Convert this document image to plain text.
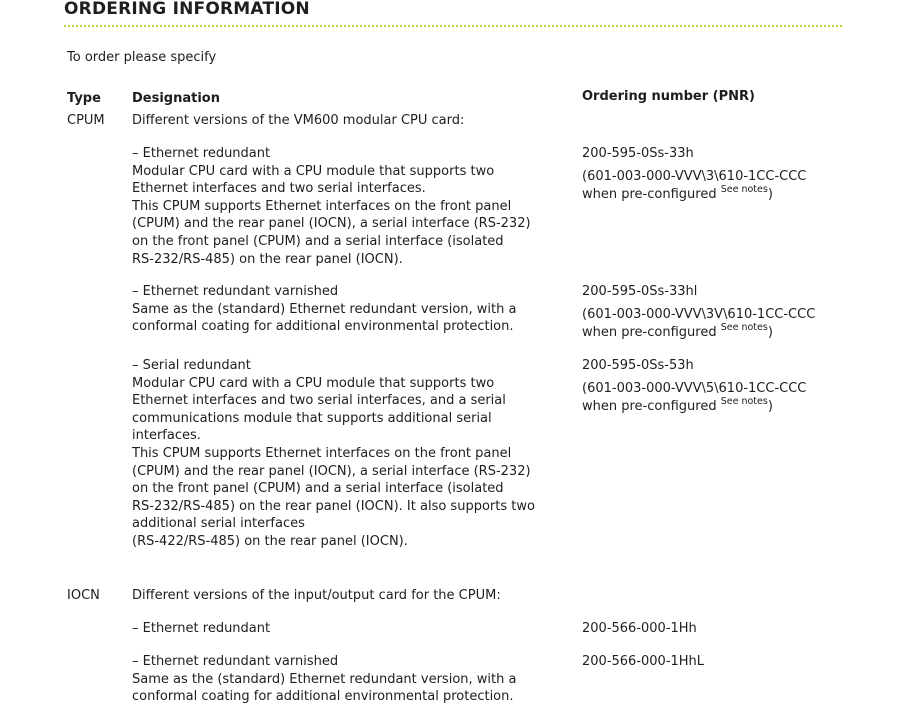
ORDERING INFORMATION
To order please specify
Type Designation	Ordering number (PNR)
CPUM Different versions of the VM600 modular CPU card:
– Ethernet redundant
Modular CPU card with a CPU module that supports two
Ethernet interfaces and two serial interfaces.
This CPUM supports Ethernet interfaces on the front panel
(CPUM) and the rear panel (IOCN), a serial interface (RS-232)
on the front panel (CPUM) and a serial interface (isolated
RS-232/RS-485) on the rear panel (IOCN).
200-595-0Ss-33h
(601-003-000-VVV\3\610-1CC-CCC
when pre-configured $^{See notes}$)
– Ethernet redundant varnished
Same as the (standard) Ethernet redundant version, with a
conformal coating for additional environmental protection.
200-595-0Ss-33hl
(601-003-000-VVV\3V\610-1CC-CCC
when pre-configured $^{See notes}$)
– Serial redundant
Modular CPU card with a CPU module that supports two
Ethernet interfaces and two serial interfaces, and a serial
communications module that supports additional serial
interfaces.
This CPUM supports Ethernet interfaces on the front panel
(CPUM) and the rear panel (IOCN), a serial interface (RS-232)
on the front panel (CPUM) and a serial interface (isolated
RS-232/RS-485) on the rear panel (IOCN). It also supports two
additional serial interfaces
(RS-422/RS-485) on the rear panel (IOCN).
200-595-0Ss-53h
(601-003-000-VVV\5\610-1CC-CCC
when pre-configured $^{See notes}$)
IOCN Different versions of the input/output card for the CPUM:
– Ethernet redundant	200-566-000-1Hh
– Ethernet redundant varnished
Same as the (standard) Ethernet redundant version, with a
conformal coating for additional environmental protection.
200-566-000-1HhL
